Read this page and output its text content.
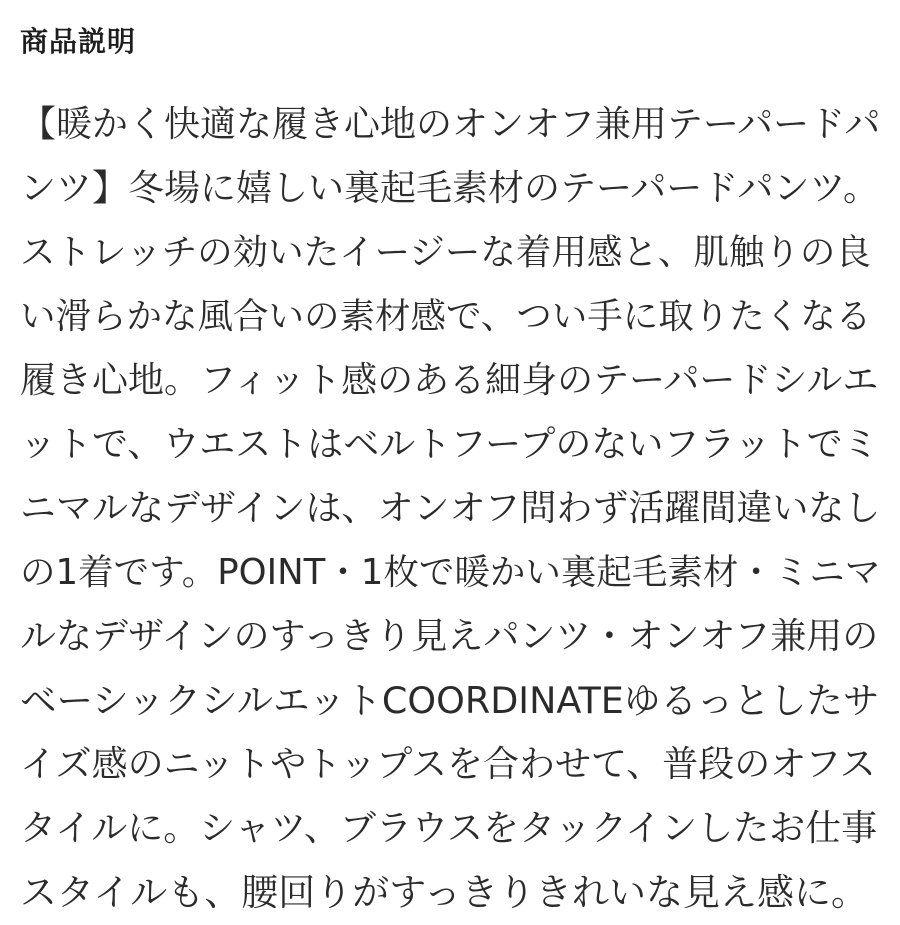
商品説明
【暖かく快適な履き心地のオンオフ兼用テーパードパ
ンツ】冬場に嬉しい裏起毛素材のテーパードパンツ。
ストレッチの効いたイージーな着用感と、肌触りの良
い滑らかな風合いの素材感で、つい手に取りたくなる
履き心地。フィット感のある細身のテーパードシルエ
ットで、ウエストはベルトフープのないフラットでミ
ニマルなデザインは、オンオフ問わず活躍間違いなし
の1着です。POINT・1枚で暖かい裏起毛素材・ミニマ
ルなデザインのすっきり見えパンツ・オンオフ兼用の
ベーシックシルエットCOORDINATEゆるっとしたサ
イズ感のニットやトップスを合わせて、普段のオフス
タイルに。シャツ、ブラウスをタックインしたお仕事
スタイルも、腰回りがすっきりきれいな見え感に。
